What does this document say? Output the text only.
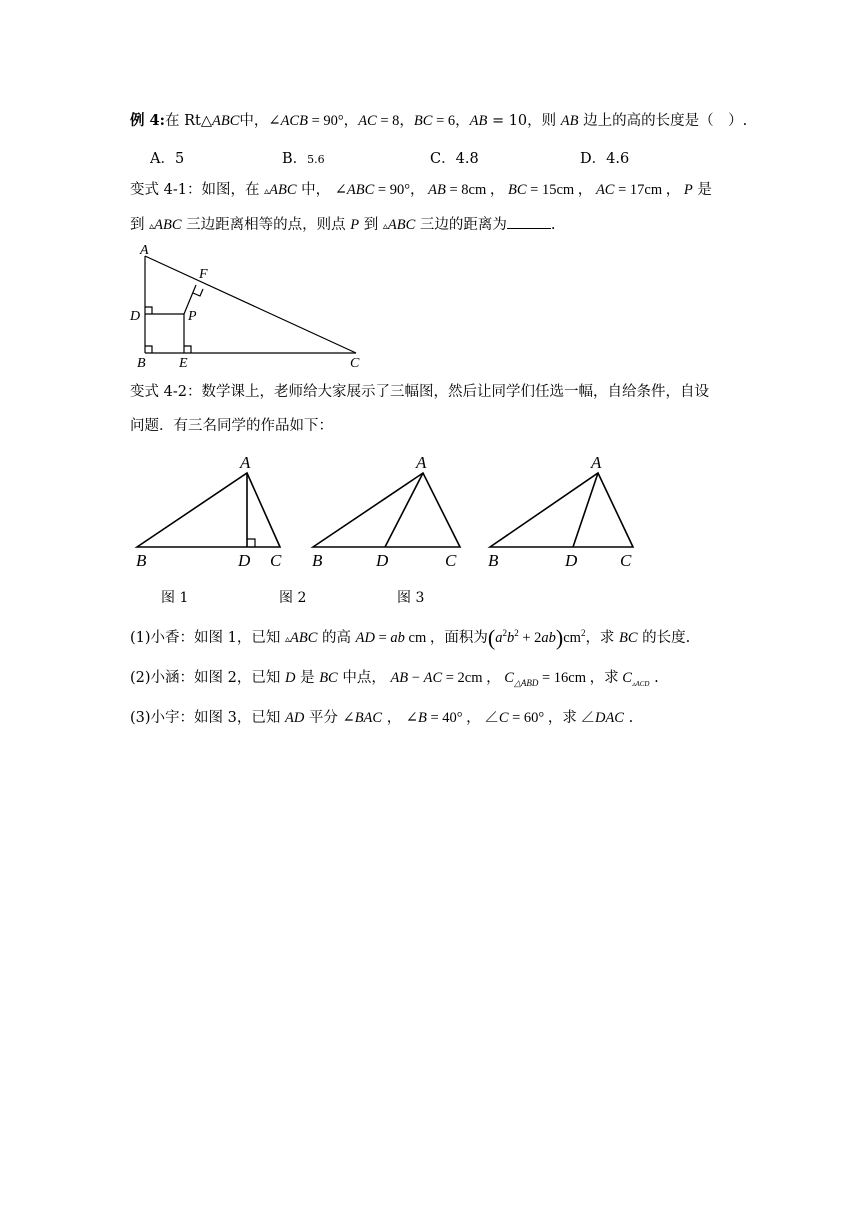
例 4:在 Rt△ABC中，∠ACB = 90°，AC = 8，BC = 6，AB = 10，则 AB 边上的高的长度是（　）.
A．5	B．5.6	C．4.8	D．4.6
变式 4-1：如图，在 ▵ABC 中， ∠ABC = 90°， AB = 8cm ， BC = 15cm ， AC = 17cm ， P 是
到 ▵ABC 三边距离相等的点，则点 P 到 ▵ABC 三边的距离为	.
A
B	C
D
E
F
P
变式 4-2：数学课上，老师给大家展示了三幅图，然后让同学们任选一幅，自给条件，自设
问题．有三名同学的作品如下：
A
B	D C
A
B	D	C
A
B	D	C
图 1	图 2	图 3
(1)小香：如图 1，已知 ▵ABC 的高 AD = ab cm ，面积为$(a^2b^2 + 2ab)cm^2$，求 BC 的长度.
(2)小涵：如图 2，已知 D 是 BC 中点， AB − AC = 2cm ， $C_{\triangle ABD} = 16cm$ ，求 $C_{▵ACD}$ .
(3)小宇：如图 3，已知 AD 平分 ∠BAC ， ∠B = 40° ， ∠C = 60° ，求 ∠DAC .
